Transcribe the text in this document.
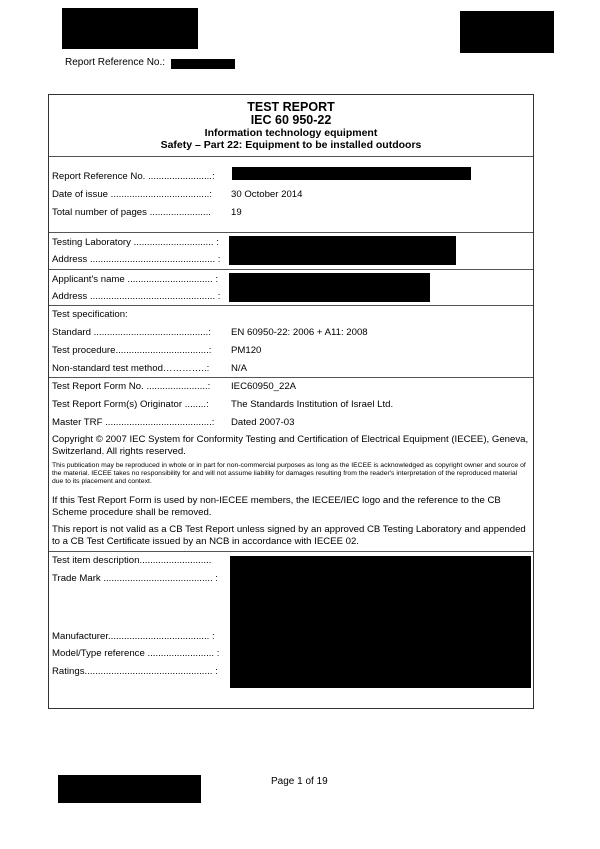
Report Reference No.:
TEST REPORT
IEC 60 950-22
Information technology equipment
Safety – Part 22: Equipment to be installed outdoors
Report Reference No. ........................:
Date of issue .....................................: 30 October 2014
Total number of pages ....................... 19
Testing Laboratory .............................. :
Address ............................................... :
Applicant's name ................................ :
Address ............................................... :
Test specification:
Standard ...........................................: EN 60950-22: 2006 + A11: 2008
Test procedure...................................: PM120
Non-standard test method…………..: N/A
Test Report Form No. .......................: IEC60950_22A
Test Report Form(s) Originator ........: The Standards Institution of Israel Ltd.
Master TRF ........................................: Dated 2007-03
Copyright © 2007 IEC System for Conformity Testing and Certification of Electrical Equipment (IECEE), Geneva, Switzerland. All rights reserved.
This publication may be reproduced in whole or in part for non-commercial purposes as long as the IECEE is acknowledged as copyright owner and source of the material. IECEE takes no responsibility for and will not assume liability for damages resulting from the reader's interpretation of the reproduced material due to its placement and context.
If this Test Report Form is used by non-IECEE members, the IECEE/IEC logo and the reference to the CB Scheme procedure shall be removed.
This report is not valid as a CB Test Report unless signed by an approved CB Testing Laboratory and appended to a CB Test Certificate issued by an NCB in accordance with IECEE 02.
Test item description...........................
Trade Mark ......................................... :
Manufacturer...................................... :
Model/Type reference ......................... :
Ratings................................................ :
Page 1 of 19
